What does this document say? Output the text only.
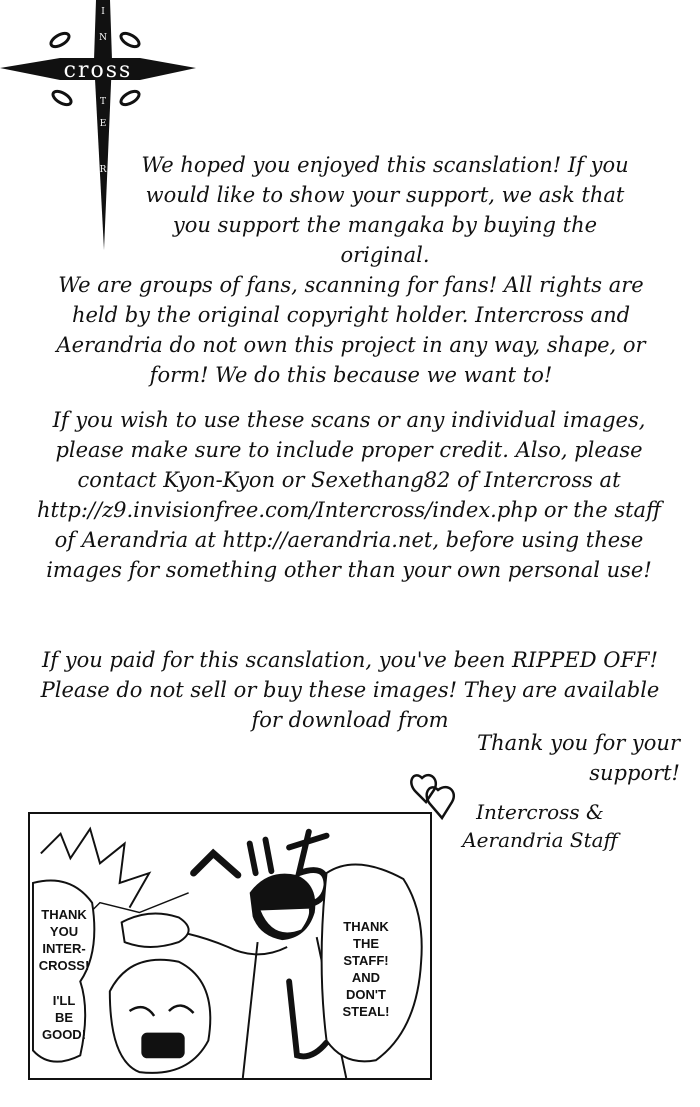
cross
I
N
T
E
R We hoped you enjoyed this scanslation! If you would like to show your support, we ask that you support the mangaka by buying the original.

We are groups of fans, scanning for fans! All rights are held by the original copyright holder. Intercross and Aerandria do not own this project in any way, shape, or form! We do this because we want to!

If you wish to use these scans or any individual images, please make sure to include proper credit. Also, please contact Kyon-Kyon or Sexethang82 of Intercross at http://z9.invisionfree.com/Intercross/index.php or the staff of Aerandria at http://aerandria.net, before using these images for something other than your own personal use!

If you paid for this scanslation, you've been RIPPED OFF! Please do not sell or buy these images! They are available for download from

Thank you for your support!
Intercross &
Aerandria Staff
THANK
YOU
INTER-
CROSS!
I'LL
BE
GOOD!
THANK
THE
STAFF!
AND
DON'T
STEAL!
